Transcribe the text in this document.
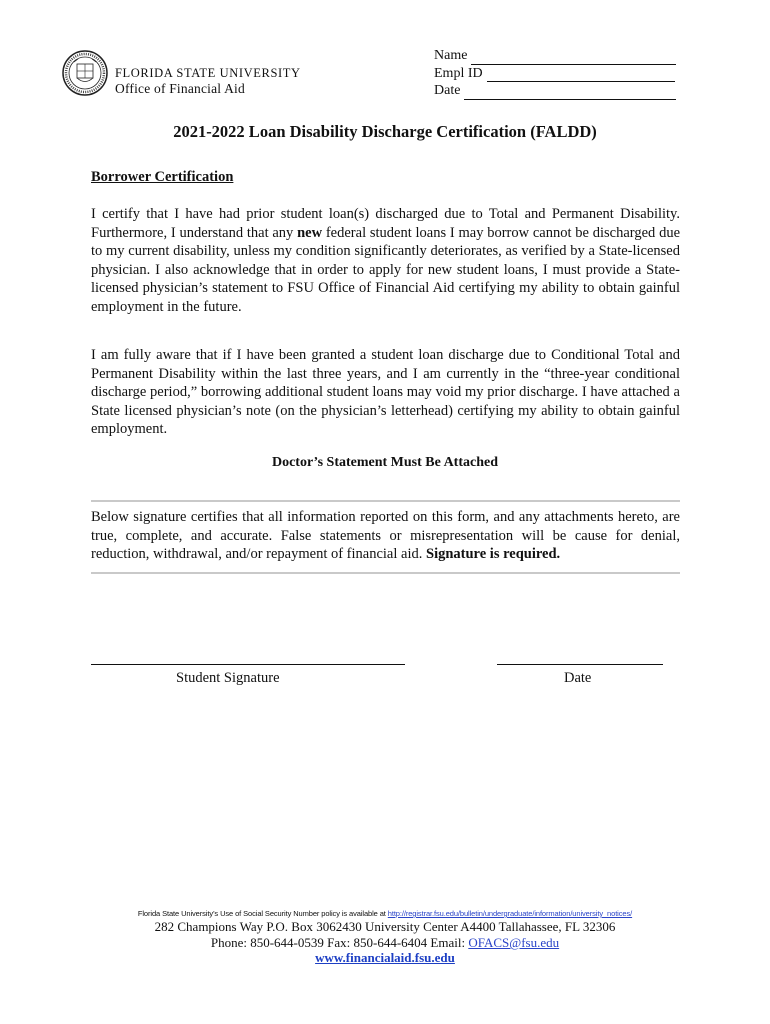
FLORIDA STATE UNIVERSITY
Office of Financial Aid
Name
Empl ID
Date
2021-2022 Loan Disability Discharge Certification (FALDD)
Borrower Certification

I certify that I have had prior student loan(s) discharged due to Total and Permanent Disability. Furthermore, I understand that any new federal student loans I may borrow cannot be discharged due to my current disability, unless my condition significantly deteriorates, as verified by a State-licensed physician. I also acknowledge that in order to apply for new student loans, I must provide a State-licensed physician’s statement to FSU Office of Financial Aid certifying my ability to obtain gainful employment in the future.

I am fully aware that if I have been granted a student loan discharge due to Conditional Total and Permanent Disability within the last three years, and I am currently in the “three-year conditional discharge period,” borrowing additional student loans may void my prior discharge. I have attached a State licensed physician’s note (on the physician’s letterhead) certifying my ability to obtain gainful employment.

Doctor’s Statement Must Be Attached

Below signature certifies that all information reported on this form, and any attachments hereto, are true, complete, and accurate. False statements or misrepresentation will be cause for denial, reduction, withdrawal, and/or repayment of financial aid. Signature is required.

Student Signature	Date
Florida State University’s Use of Social Security Number policy is available at http://registrar.fsu.edu/bulletin/undergraduate/information/university_notices/
282 Champions Way P.O. Box 3062430 University Center A4400 Tallahassee, FL 32306
Phone: 850-644-0539 Fax: 850-644-6404 Email: OFACS@fsu.edu
www.financialaid.fsu.edu
